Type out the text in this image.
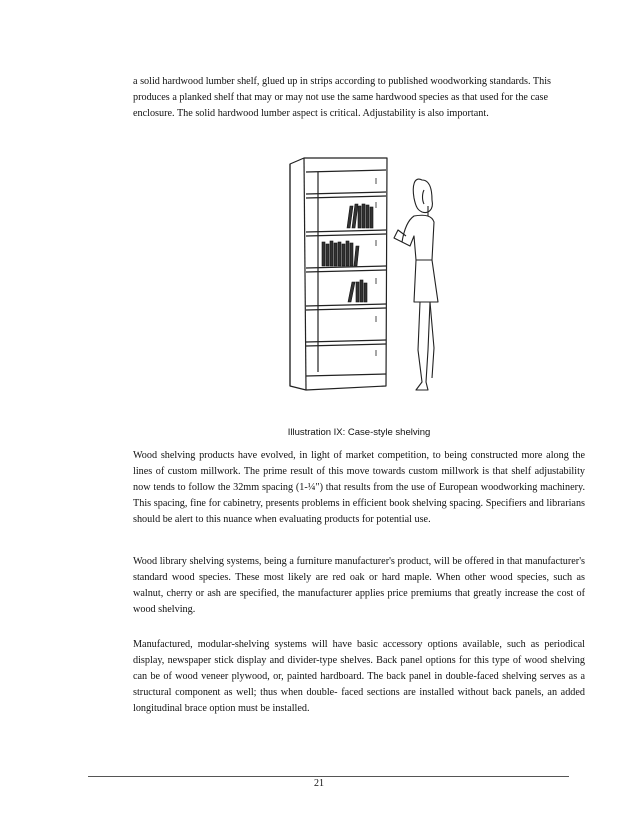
a solid hardwood lumber shelf, glued up in strips according to published woodworking standards. This produces a planked shelf that may or may not use the same hardwood species as that used for the case enclosure. The solid hardwood lumber aspect is critical. Adjustability is also important.

Illustration IX: Case-style shelving

Wood shelving products have evolved, in light of market competition, to being constructed more along the lines of custom millwork. The prime result of this move towards custom millwork is that shelf adjustability now tends to follow the 32mm spacing (1-¼") that results from the use of European woodworking machinery. This spacing, fine for cabinetry, presents problems in efficient book shelving spacing. Specifiers and librarians should be alert to this nuance when evaluating products for potential use.

Wood library shelving systems, being a furniture manufacturer's product, will be offered in that manufacturer's standard wood species. These most likely are red oak or hard maple. When other wood species, such as walnut, cherry or ash are specified, the manufacturer applies price premiums that greatly increase the cost of wood shelving.

Manufactured, modular-shelving systems will have basic accessory options available, such as periodical display, newspaper stick display and divider-type shelves. Back panel options for this type of wood shelving can be of wood veneer plywood, or, painted hardboard. The back panel in double-faced shelving serves as a structural component as well; thus when double- faced sections are installed without back panels, an added longitudinal brace option must be installed.

21
